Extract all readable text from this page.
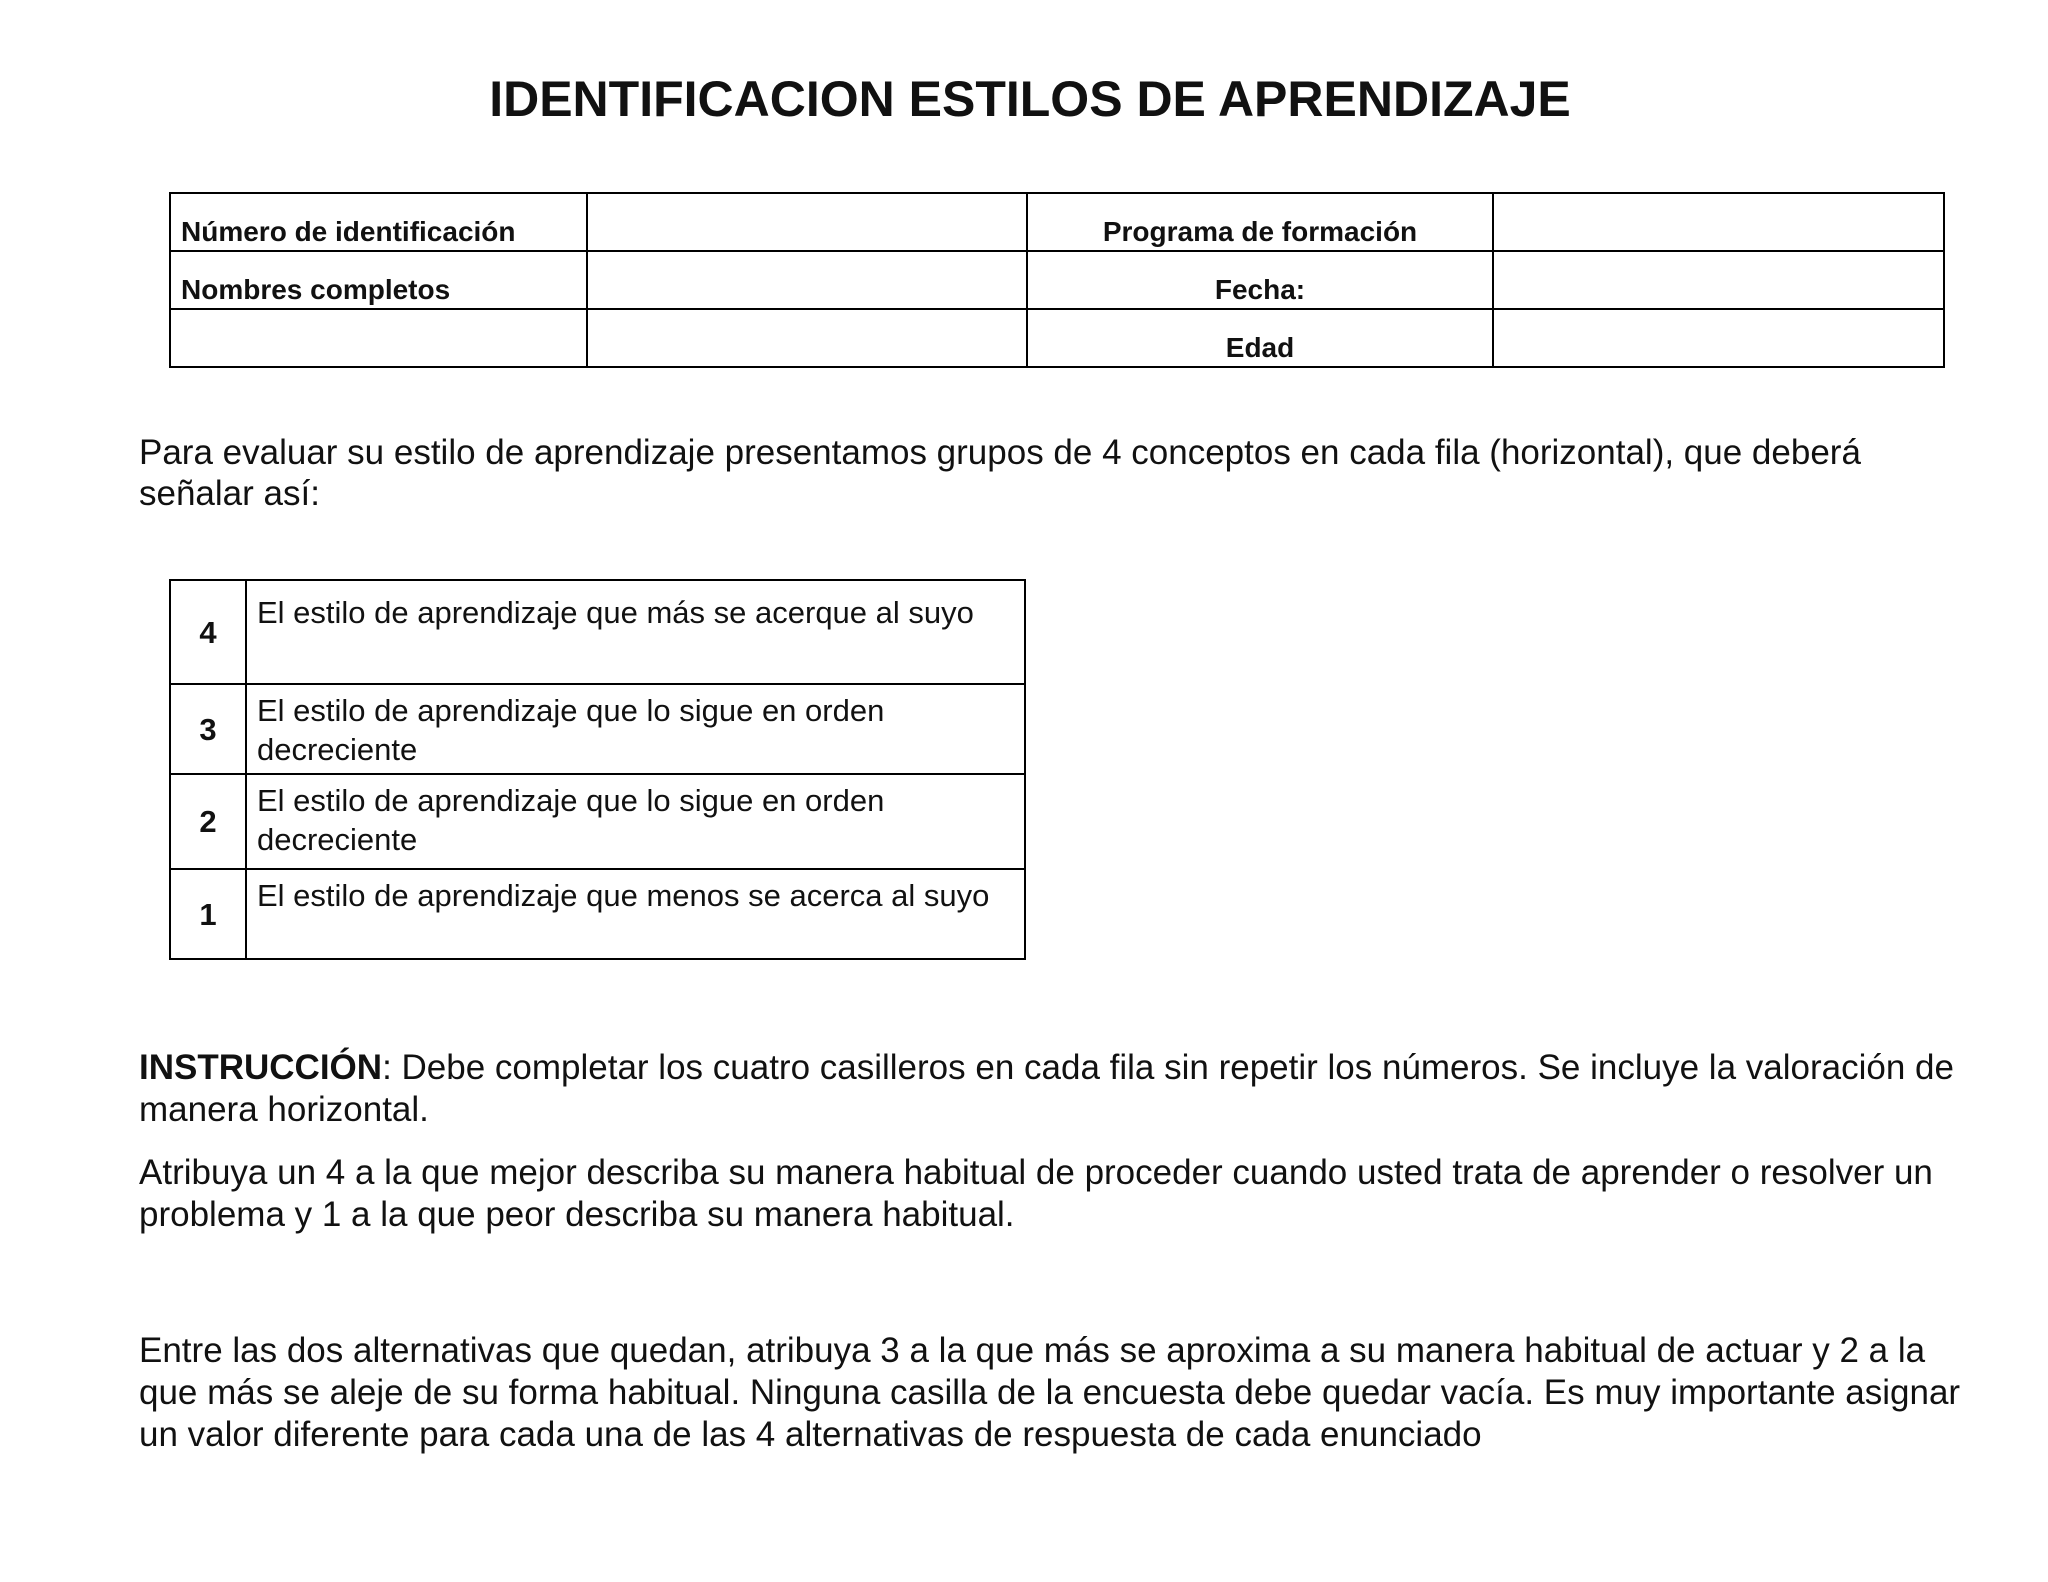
IDENTIFICACION ESTILOS DE APRENDIZAJE
Número de identificación		Programa de formación	
Nombres completos		Fecha:	
		Edad	

Para evaluar su estilo de aprendizaje presentamos grupos de 4 conceptos en cada fila (horizontal), que deberá señalar así:

4	El estilo de aprendizaje que más se acerque al suyo
3	El estilo de aprendizaje que lo sigue en orden decreciente
2	El estilo de aprendizaje que lo sigue en orden decreciente
1	El estilo de aprendizaje que menos se acerca al suyo

INSTRUCCIÓN: Debe completar los cuatro casilleros en cada fila sin repetir los números. Se incluye la valoración de manera horizontal.

Atribuya un 4 a la que mejor describa su manera habitual de proceder cuando usted trata de aprender o resolver un problema y 1 a la que peor describa su manera habitual.

Entre las dos alternativas que quedan, atribuya 3 a la que más se aproxima a su manera habitual de actuar y 2 a la que más se aleje de su forma habitual. Ninguna casilla de la encuesta debe quedar vacía. Es muy importante asignar un valor diferente para cada una de las 4 alternativas de respuesta de cada enunciado
